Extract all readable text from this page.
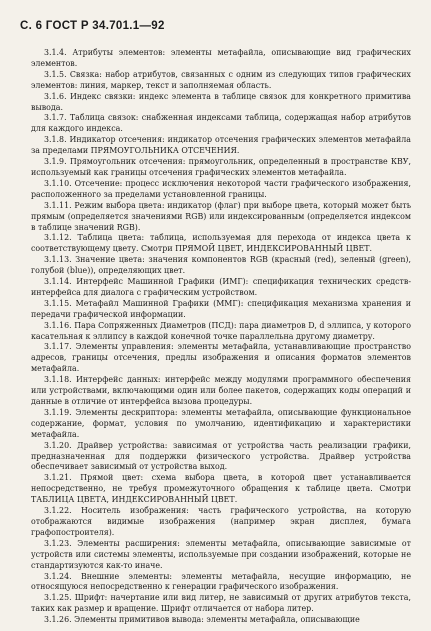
С. 6 ГОСТ Р 34.701.1—92

3.1.4. Атрибуты элементов: элементы метафайла, описывающие вид графических элементов.

3.1.5. Связка: набор атрибутов, связанных с одним из следующих типов графических элементов: линия, маркер, текст и заполняемая область.

3.1.6. Индекс связки: индекс элемента в таблице связок для конкретного примитива вывода.

3.1.7. Таблица связок: снабженная индексами таблица, содержащая набор атрибутов для каждого индекса.

3.1.8. Индикатор отсечения: индикатор отсечения графических элементов метафайла за пределами ПРЯМОУГОЛЬНИКА ОТСЕЧЕНИЯ.

3.1.9. Прямоугольник отсечения: прямоугольник, определенный в пространстве КВУ, используемый как границы отсечения графических элементов метафайла.

3.1.10. Отсечение: процесс исключения некоторой части графического изображения, расположенного за пределами установленной границы.

3.1.11. Режим выбора цвета: индикатор (флаг) при выборе цвета, который может быть прямым (определяется значениями RGB) или индексированным (определяется индексом в таблице значений RGB).

3.1.12. Таблица цвета: таблица, используемая для перехода от индекса цвета к соответствующему цвету. Смотри ПРЯМОЙ ЦВЕТ, ИНДЕКСИРОВАННЫЙ ЦВЕТ.

3.1.13. Значение цвета: значения компонентов RGB (красный (red), зеленый (green), голубой (blue)), определяющих цвет.

3.1.14. Интерфейс Машинной Графики (ИМГ): спецификация технических средств-интерфейса для диалога с графическим устройством.

3.1.15. Метафайл Машинной Графики (ММГ): спецификация механизма хранения и передачи графической информации.

3.1.16. Пара Сопряженных Диаметров (ПСД): пара диаметров D, d эллипса, у которого касательная к эллипсу в каждой конечной точке параллельна другому диаметру.

3.1.17. Элементы управления: элементы метафайла, устанавливающие пространство адресов, границы отсечения, предлы изображения и описания форматов элементов метафайла.

3.1.18. Интерфейс данных: интерфейс между модулями программного обеспечения или устройствами, включающими один или более пакетов, содержащих коды операций и данные в отличие от интерфейса вызова процедуры.

3.1.19. Элементы дескриптора: элементы метафайла, описывающие функциональное содержание, формат, условия по умолчанию, идентификацию и характеристики метафайла.

3.1.20. Драйвер устройства: зависимая от устройства часть реализации графики, предназначенная для поддержки физического устройства. Драйвер устройства обеспечивает зависимый от устройства выход.

3.1.21. Прямой цвет: схема выбора цвета, в которой цвет устанавливается непосредственно, не требуя промежуточного обращения к таблице цвета. Смотри ТАБЛИЦА ЦВЕТА, ИНДЕКСИРОВАННЫЙ ЦВЕТ.

3.1.22. Носитель изображения: часть графического устройства, на которую отображаются видимые изображения (например экран дисплея, бумага графопостроителя).

3.1.23. Элементы расширения: элементы метафайла, описывающие зависимые от устройств или системы элементы, используемые при создании изображений, которые не стандартизуются как-то иначе.

3.1.24. Внешние элементы: элементы метафайла, несущие информацию, не относящуюся непосредственно к генерации графического изображения.

3.1.25. Шрифт: начертание или вид литер, не зависимый от других атрибутов текста, таких как размер и вращение. Шрифт отличается от набора литер.

3.1.26. Элементы примитивов вывода: элементы метафайла, описывающие
